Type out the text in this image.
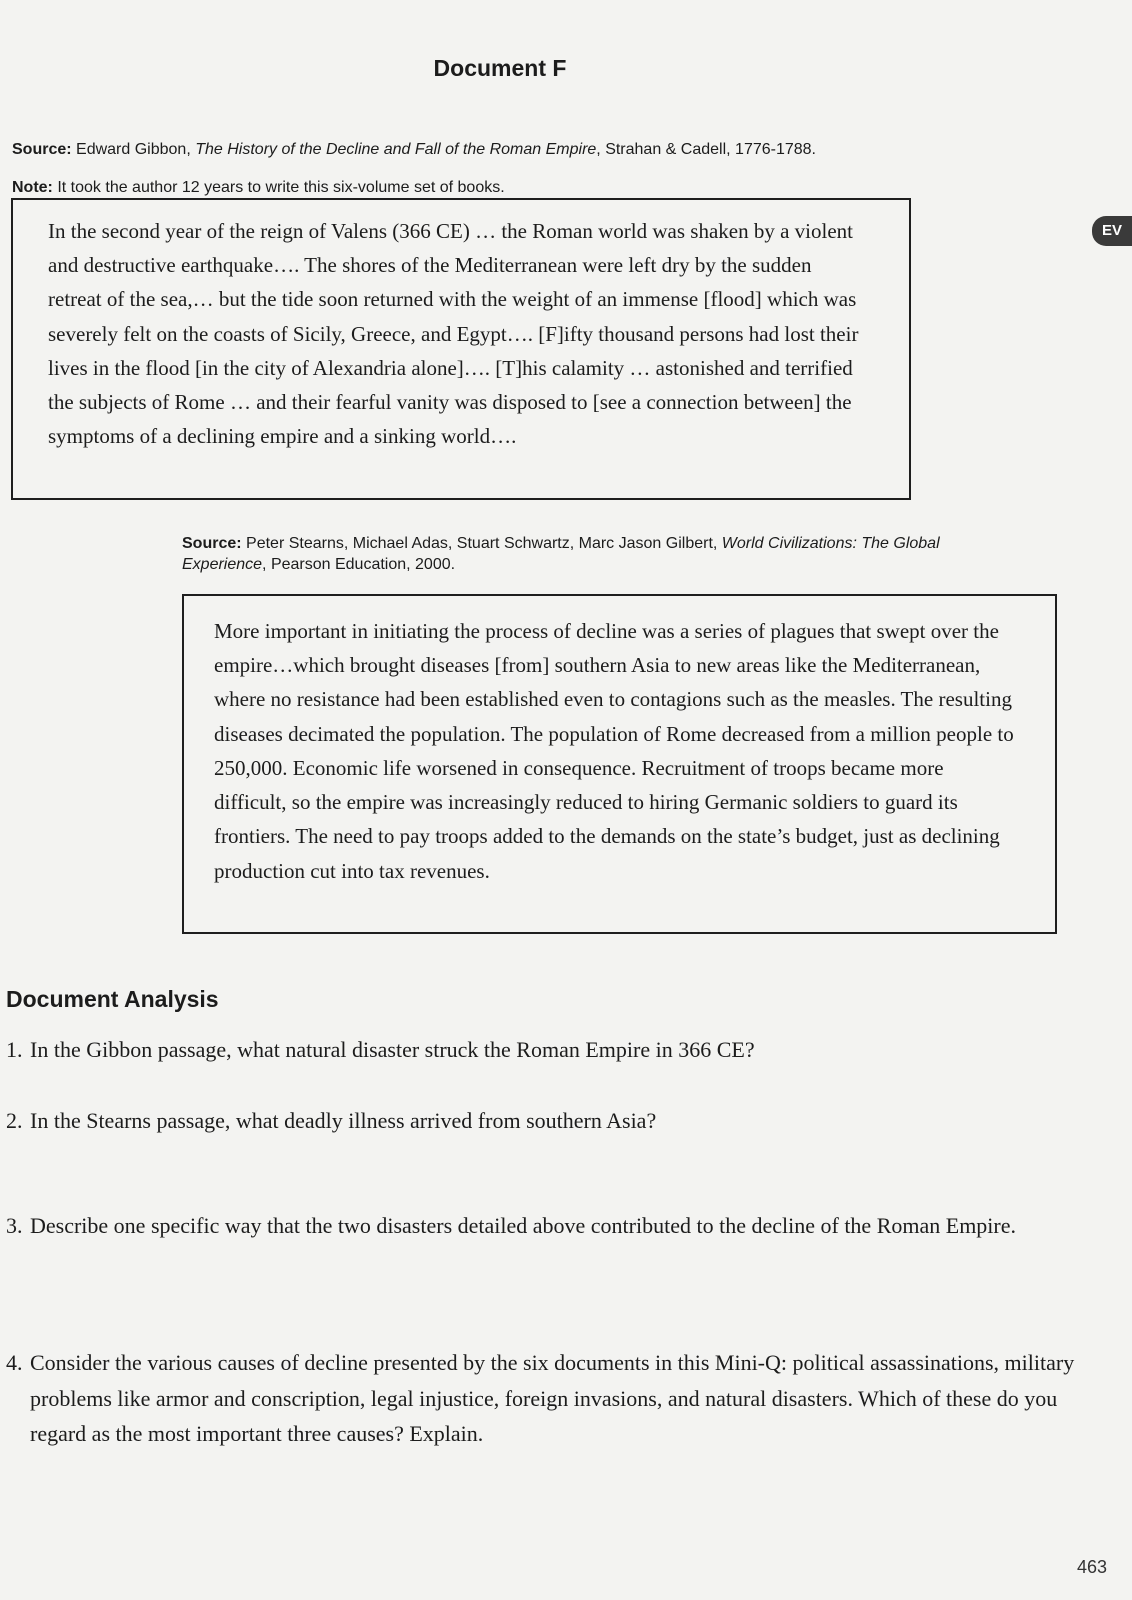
Document F
Source: Edward Gibbon, The History of the Decline and Fall of the Roman Empire, Strahan & Cadell, 1776-1788.
Note: It took the author 12 years to write this six-volume set of books.

In the second year of the reign of Valens (366 CE) … the Roman world was shaken by a violent and destructive earthquake…. The shores of the Mediterranean were left dry by the sudden retreat of the sea,… but the tide soon returned with the weight of an immense [flood] which was severely felt on the coasts of Sicily, Greece, and Egypt…. [F]ifty thousand persons had lost their lives in the flood [in the city of Alexandria alone]…. [T]his calamity … astonished and terrified the subjects of Rome … and their fearful vanity was disposed to [see a connection between] the symptoms of a declining empire and a sinking world….

EV
Source: Peter Stearns, Michael Adas, Stuart Schwartz, Marc Jason Gilbert, World Civilizations: The Global Experience, Pearson Education, 2000.

More important in initiating the process of decline was a series of plagues that swept over the empire…which brought diseases [from] southern Asia to new areas like the Mediterranean, where no resistance had been established even to contagions such as the measles. The resulting diseases decimated the population. The population of Rome decreased from a million people to 250,000. Economic life worsened in consequence. Recruitment of troops became more difficult, so the empire was increasingly reduced to hiring Germanic soldiers to guard its frontiers. The need to pay troops added to the demands on the state’s budget, just as declining production cut into tax revenues.

Document Analysis
1. In the Gibbon passage, what natural disaster struck the Roman Empire in 366 CE?
2. In the Stearns passage, what deadly illness arrived from southern Asia?
3. Describe one specific way that the two disasters detailed above contributed to the decline of the Roman Empire.
4. Consider the various causes of decline presented by the six documents in this Mini-Q: political assassinations, military problems like armor and conscription, legal injustice, foreign invasions, and natural disasters. Which of these do you regard as the most important three causes? Explain.
463
